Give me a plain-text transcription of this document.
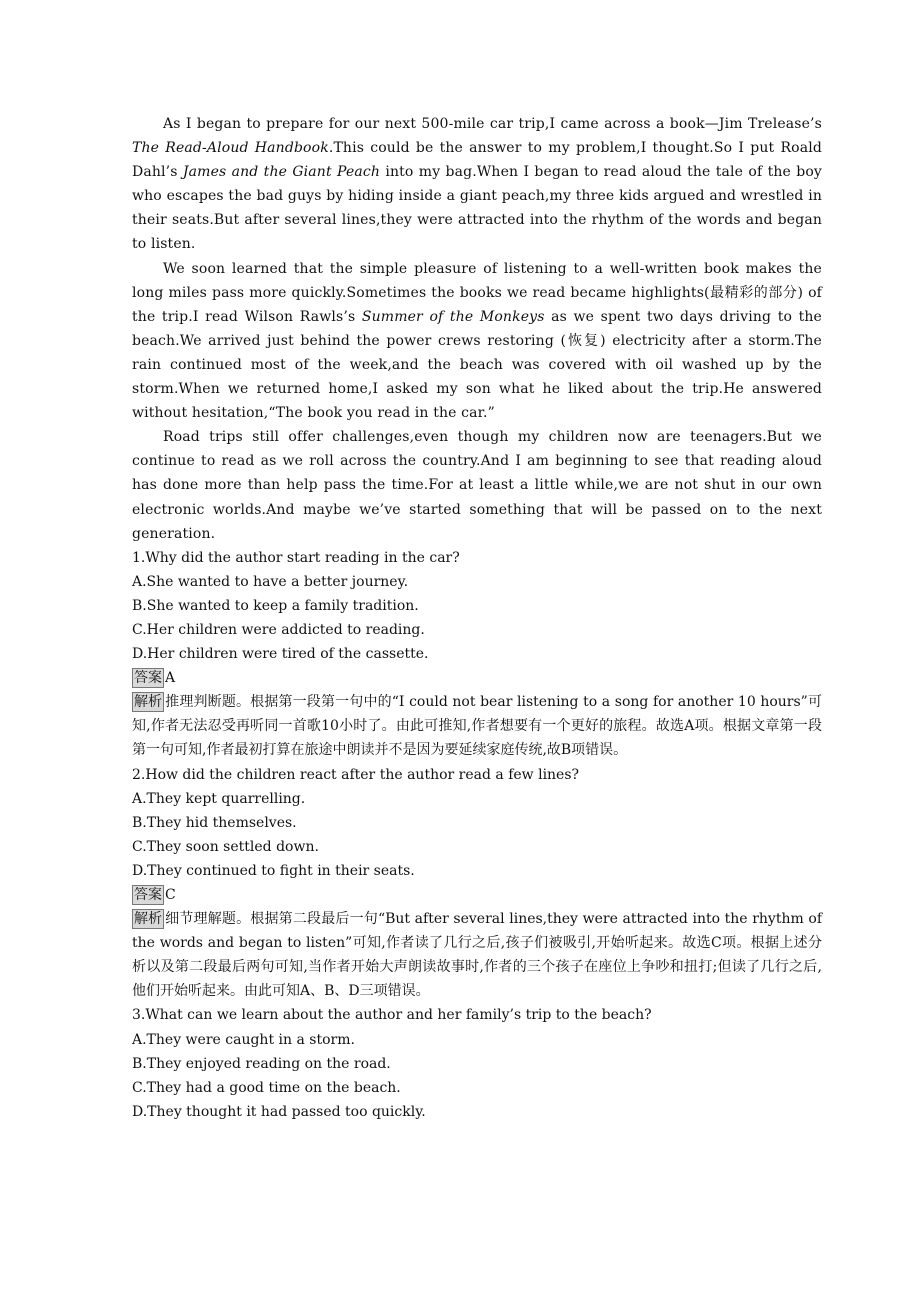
As I began to prepare for our next 500-mile car trip,I came across a book—Jim Trelease’s The Read-Aloud Handbook.This could be the answer to my problem,I thought.So I put Roald Dahl’s James and the Giant Peach into my bag.When I began to read aloud the tale of the boy who escapes the bad guys by hiding inside a giant peach,my three kids argued and wrestled in their seats.But after several lines,they were attracted into the rhythm of the words and began to listen.

We soon learned that the simple pleasure of listening to a well-written book makes the long miles pass more quickly.Sometimes the books we read became highlights(最精彩的部分) of the trip.I read Wilson Rawls’s Summer of the Monkeys as we spent two days driving to the beach.We arrived just behind the power crews restoring (恢复) electricity after a storm.The rain continued most of the week,and the beach was covered with oil washed up by the storm.When we returned home,I asked my son what he liked about the trip.He answered without hesitation,“The book you read in the car.”

Road trips still offer challenges,even though my children now are teenagers.But we continue to read as we roll across the country.And I am beginning to see that reading aloud has done more than help pass the time.For at least a little while,we are not shut in our own electronic worlds.And maybe we’ve started something that will be passed on to the next generation.

1.Why did the author start reading in the car?

A.She wanted to have a better journey.

B.She wanted to keep a family tradition.

C.Her children were addicted to reading.

D.Her children were tired of the cassette.

答案 A

解析 推理判断题。根据第一段第一句中的“I could not bear listening to a song for another 10 hours”可知,作者无法忍受再听同一首歌10小时了。由此可推知,作者想要有一个更好的旅程。故选A项。根据文章第一段第一句可知,作者最初打算在旅途中朗读并不是因为要延续家庭传统,故B项错误。

2.How did the children react after the author read a few lines?

A.They kept quarrelling.

B.They hid themselves.

C.They soon settled down.

D.They continued to fight in their seats.

答案 C

解析 细节理解题。根据第二段最后一句“But after several lines,they were attracted into the rhythm of the words and began to listen”可知,作者读了几行之后,孩子们被吸引,开始听起来。故选C项。根据上述分析以及第二段最后两句可知,当作者开始大声朗读故事时,作者的三个孩子在座位上争吵和扭打;但读了几行之后,他们开始听起来。由此可知A、B、D三项错误。

3.What can we learn about the author and her family’s trip to the beach?

A.They were caught in a storm.

B.They enjoyed reading on the road.

C.They had a good time on the beach.

D.They thought it had passed too quickly.
